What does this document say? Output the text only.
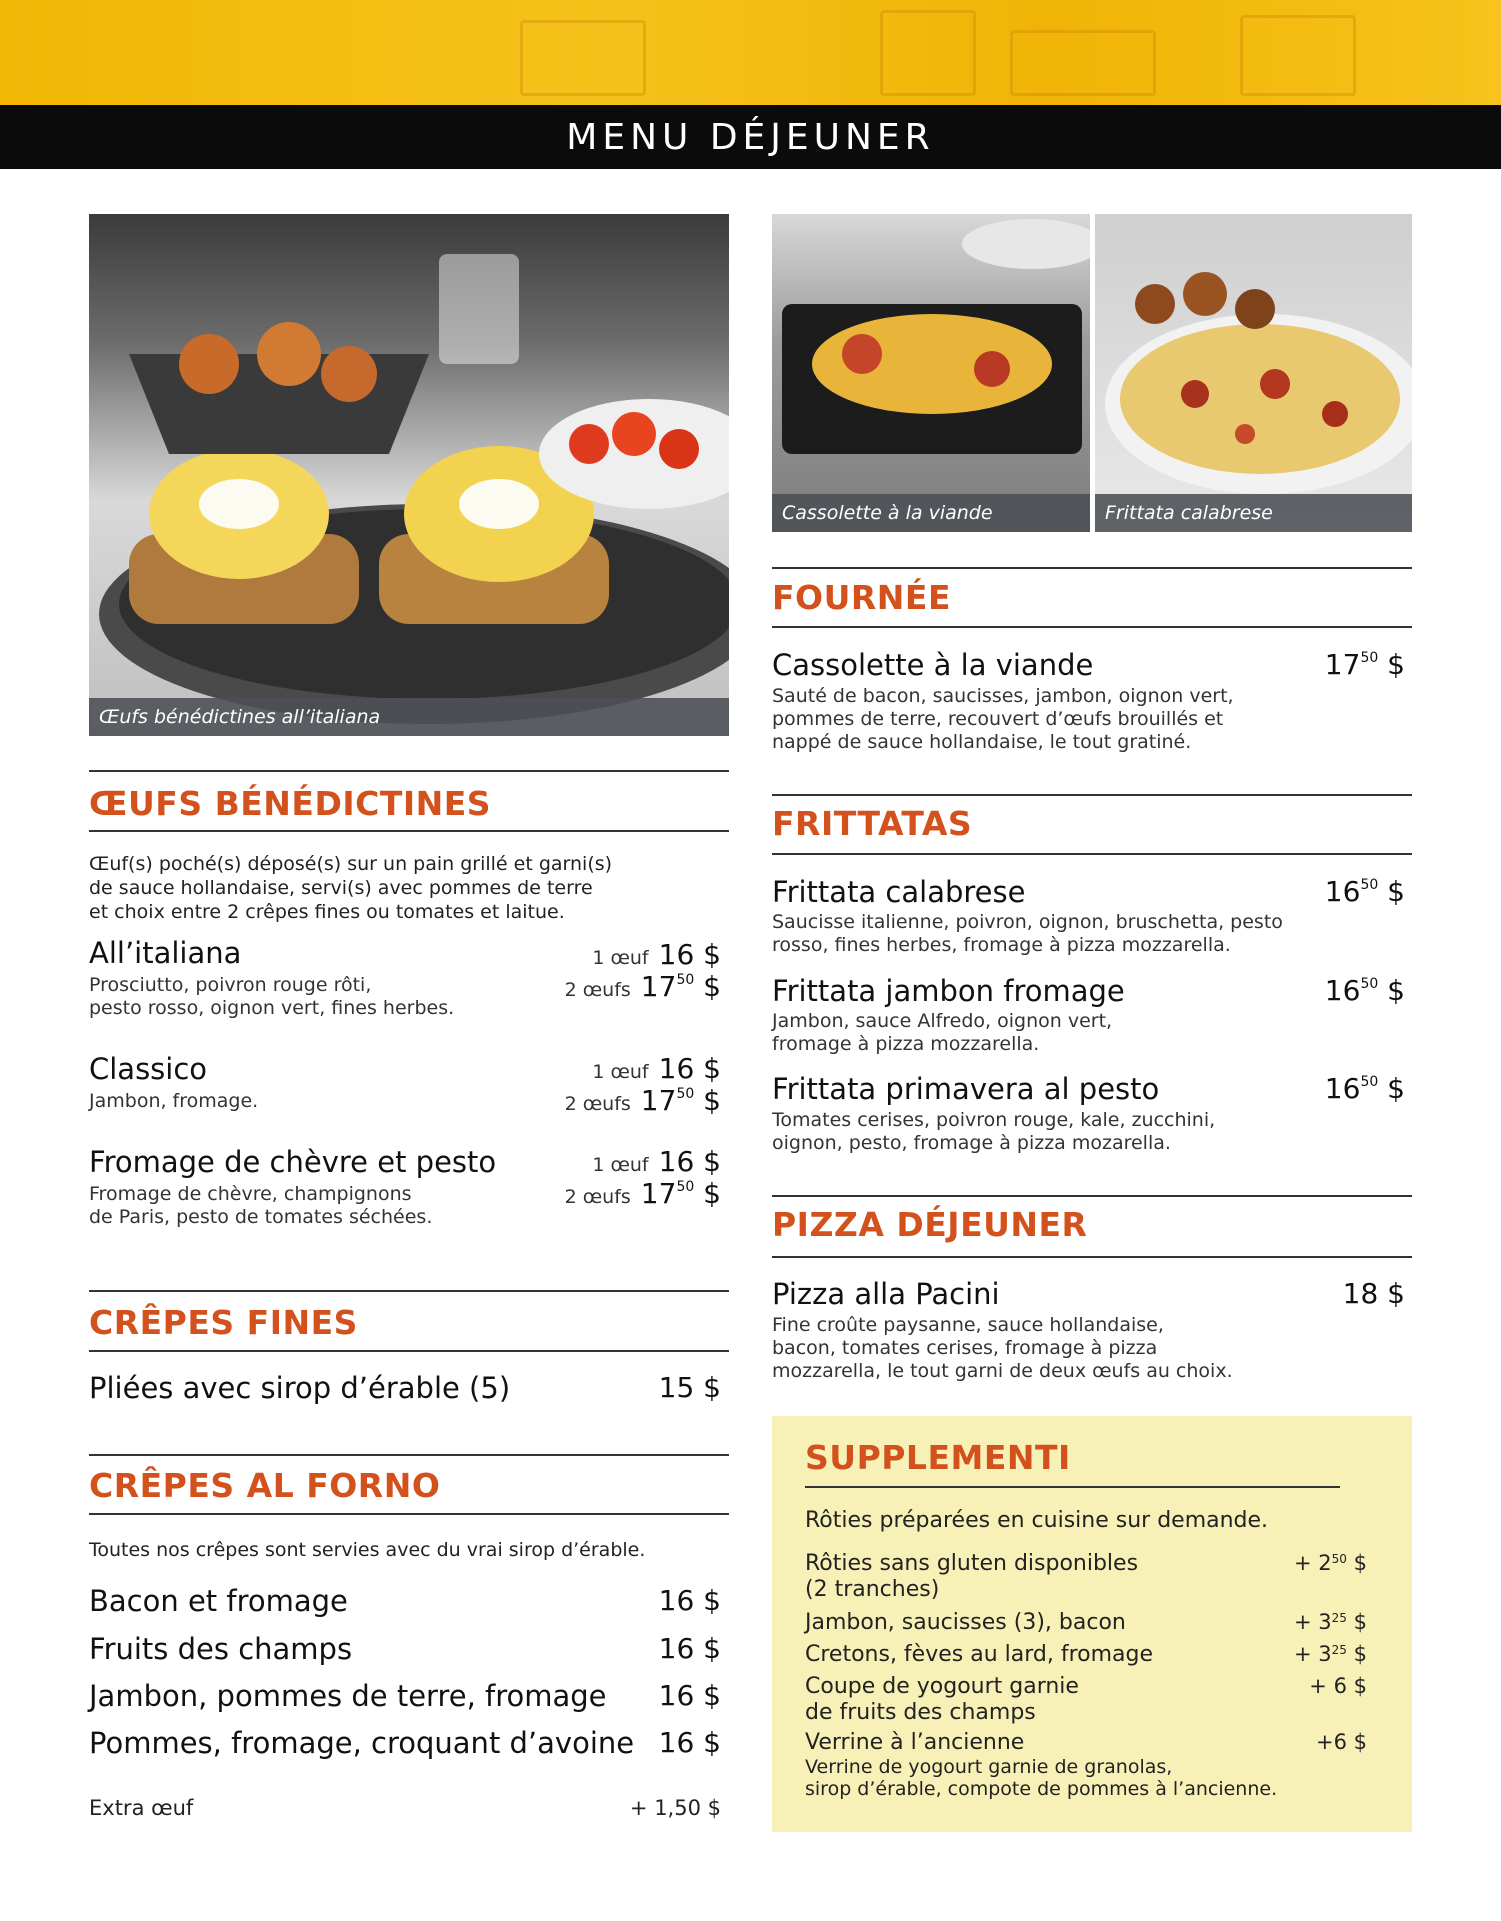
MENU DÉJEUNER
Œufs bénédictines all’italiana
Cassolette à la viande	Frittata calabrese
ŒUFS BÉNÉDICTINES
Œuf(s) poché(s) déposé(s) sur un pain grillé et garni(s)
de sauce hollandaise, servi(s) avec pommes de terre
et choix entre 2 crêpes fines ou tomates et laitue.
All’italiana
Prosciutto, poivron rouge rôti,
pesto rosso, oignon vert, fines herbes.
1 œuf 16 $
2 œufs $17^{50}$ $
Classico
Jambon, fromage.
1 œuf 16 $
2 œufs $17^{50}$ $
Fromage de chèvre et pesto
Fromage de chèvre, champignons
de Paris, pesto de tomates séchées.
1 œuf 16 $
2 œufs $17^{50}$ $
CRÊPES FINES
Pliées avec sirop d’érable (5)	15 $
CRÊPES AL FORNO
Toutes nos crêpes sont servies avec du vrai sirop d’érable.
Bacon et fromage	16 $
Fruits des champs	16 $
Jambon, pommes de terre, fromage 16 $
Pommes, fromage, croquant d’avoine 16 $
Extra œuf	+ 1,50 $
FOURNÉE
Cassolette à la viande
Sauté de bacon, saucisses, jambon, oignon vert,
pommes de terre, recouvert d’œufs brouillés et
nappé de sauce hollandaise, le tout gratiné.
$17^{50}$ $
FRITTATAS
Frittata calabrese
Saucisse italienne, poivron, oignon, bruschetta, pesto
rosso, fines herbes, fromage à pizza mozzarella.
$16^{50}$ $
Frittata jambon fromage
Jambon, sauce Alfredo, oignon vert,
fromage à pizza mozzarella.
$16^{50}$ $
Frittata primavera al pesto
Tomates cerises, poivron rouge, kale, zucchini,
oignon, pesto, fromage à pizza mozarella.
$16^{50}$ $
PIZZA DÉJEUNER
Pizza alla Pacini
Fine croûte paysanne, sauce hollandaise,
bacon, tomates cerises, fromage à pizza
mozzarella, le tout garni de deux œufs au choix.
18 $
SUPPLEMENTI
Rôties préparées en cuisine sur demande.
Rôties sans gluten disponibles
(2 tranches)
+ $2^{50}$ $
Jambon, saucisses (3), bacon	+ $3^{25}$ $
Cretons, fèves au lard, fromage	+ $3^{25}$ $
Coupe de yogourt garnie
de fruits des champs
+ 6 $
Verrine à l’ancienne	+6 $
Verrine de yogourt garnie de granolas,
sirop d’érable, compote de pommes à l’ancienne.
